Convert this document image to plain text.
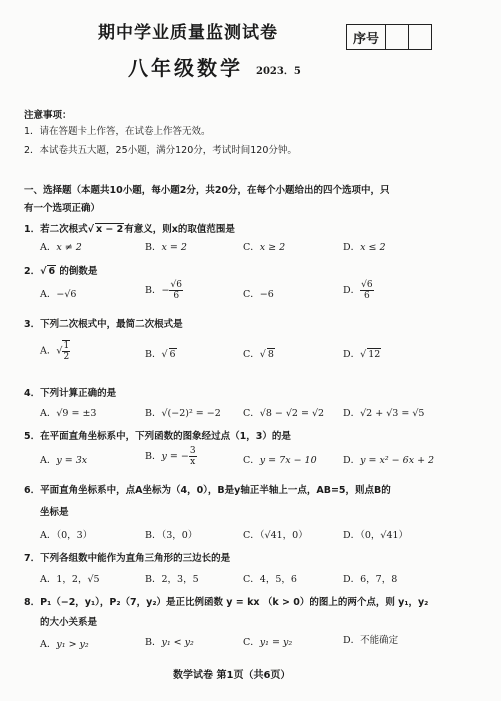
期中学业质量监测试卷	序号
八年级数学 2023．5
注意事项：
1．请在答题卡上作答，在试卷上作答无效。
2．本试卷共五大题，25小题，满分120分，考试时间120分钟。
一、选择题（本题共10小题，每小题2分，共20分，在每个小题给出的四个选项中，只
有一个选项正确）
1．若二次根式√ x − 2有意义，则x的取值范围是
A．x ≠ 2	B．x = 2	C．x ≥ 2	D．x ≤ 2
2．√ 6 的倒数是
A．−√6	B．− $\frac{√6}{6}$	C．−6	D． $\frac{√6}{6}$
3．下列二次根式中，最简二次根式是
A．√ $\frac{1}{2}$	B．√ 6	C．√ 8	D．√ 12
4．下列计算正确的是
A．√9 = ±3	B．√(−2)² = −2 C．√8 − √2 = √2 D．√2 + √3 = √5
5．在平面直角坐标系中，下列函数的图象经过点（1，3）的是
A．y = 3x	B．y = − $\frac{3}{x}$	C．y = 7x − 10	D．y = x² − 6x + 2
6．平面直角坐标系中，点A坐标为（4，0），B是y轴正半轴上一点，AB=5，则点B的
坐标是
A．（0，3）	B．（3，0）	C．（√41，0）	D．（0，√41）
7．下列各组数中能作为直角三角形的三边长的是
A．1，2，√5	B．2，3，5	C．4，5，6	D．6，7，8
8．P₁（−2，y₁），P₂（7，y₂）是正比例函数 y = kx （k > 0）的图上的两个点，则 y₁，y₂
的大小关系是
A．y₁ > y₂	B．y₁ < y₂	C．y₁ = y₂	D．不能确定
数学试卷 第1页（共6页）
